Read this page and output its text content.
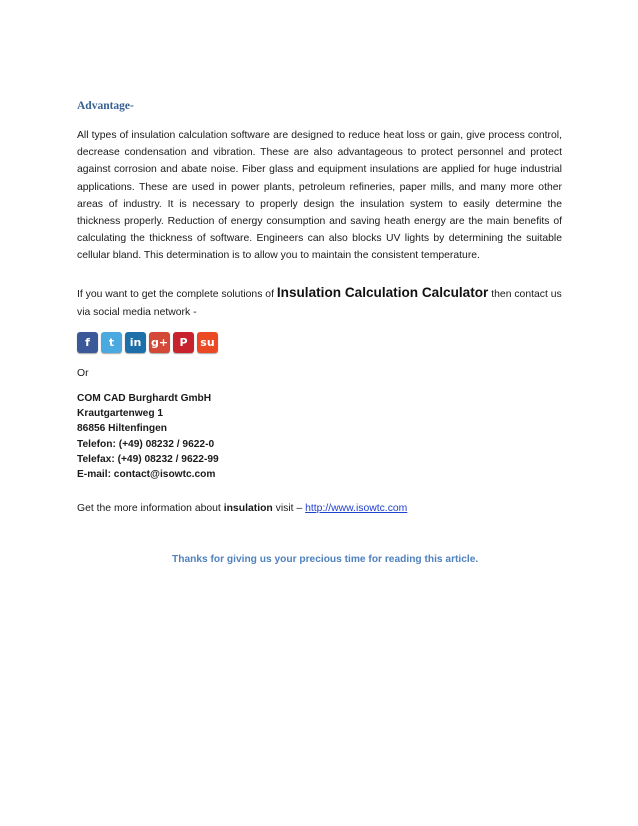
Advantage-

All types of insulation calculation software are designed to reduce heat loss or gain, give process control, decrease condensation and vibration. These are also advantageous to protect personnel and protect against corrosion and abate noise. Fiber glass and equipment insulations are applied for huge industrial applications. These are used in power plants, petroleum refineries, paper mills, and many more other areas of industry. It is necessary to properly design the insulation system to easily determine the thickness properly. Reduction of energy consumption and saving heath energy are the main benefits of calculating the thickness of software. Engineers can also blocks UV lights by determining the suitable cellular bland. This determination is to allow you to maintain the consistent temperature.

If you want to get the complete solutions of Insulation Calculation Calculator then contact us via social media network -

f	t	in g+	P	su

Or

COM CAD Burghardt GmbH
Krautgartenweg 1
86856 Hiltenfingen
Telefon: (+49) 08232 / 9622-0
Telefax: (+49) 08232 / 9622-99
E-mail: contact@isowtc.com

Get the more information about insulation visit – http://www.isowtc.com

Thanks for giving us your precious time for reading this article.
